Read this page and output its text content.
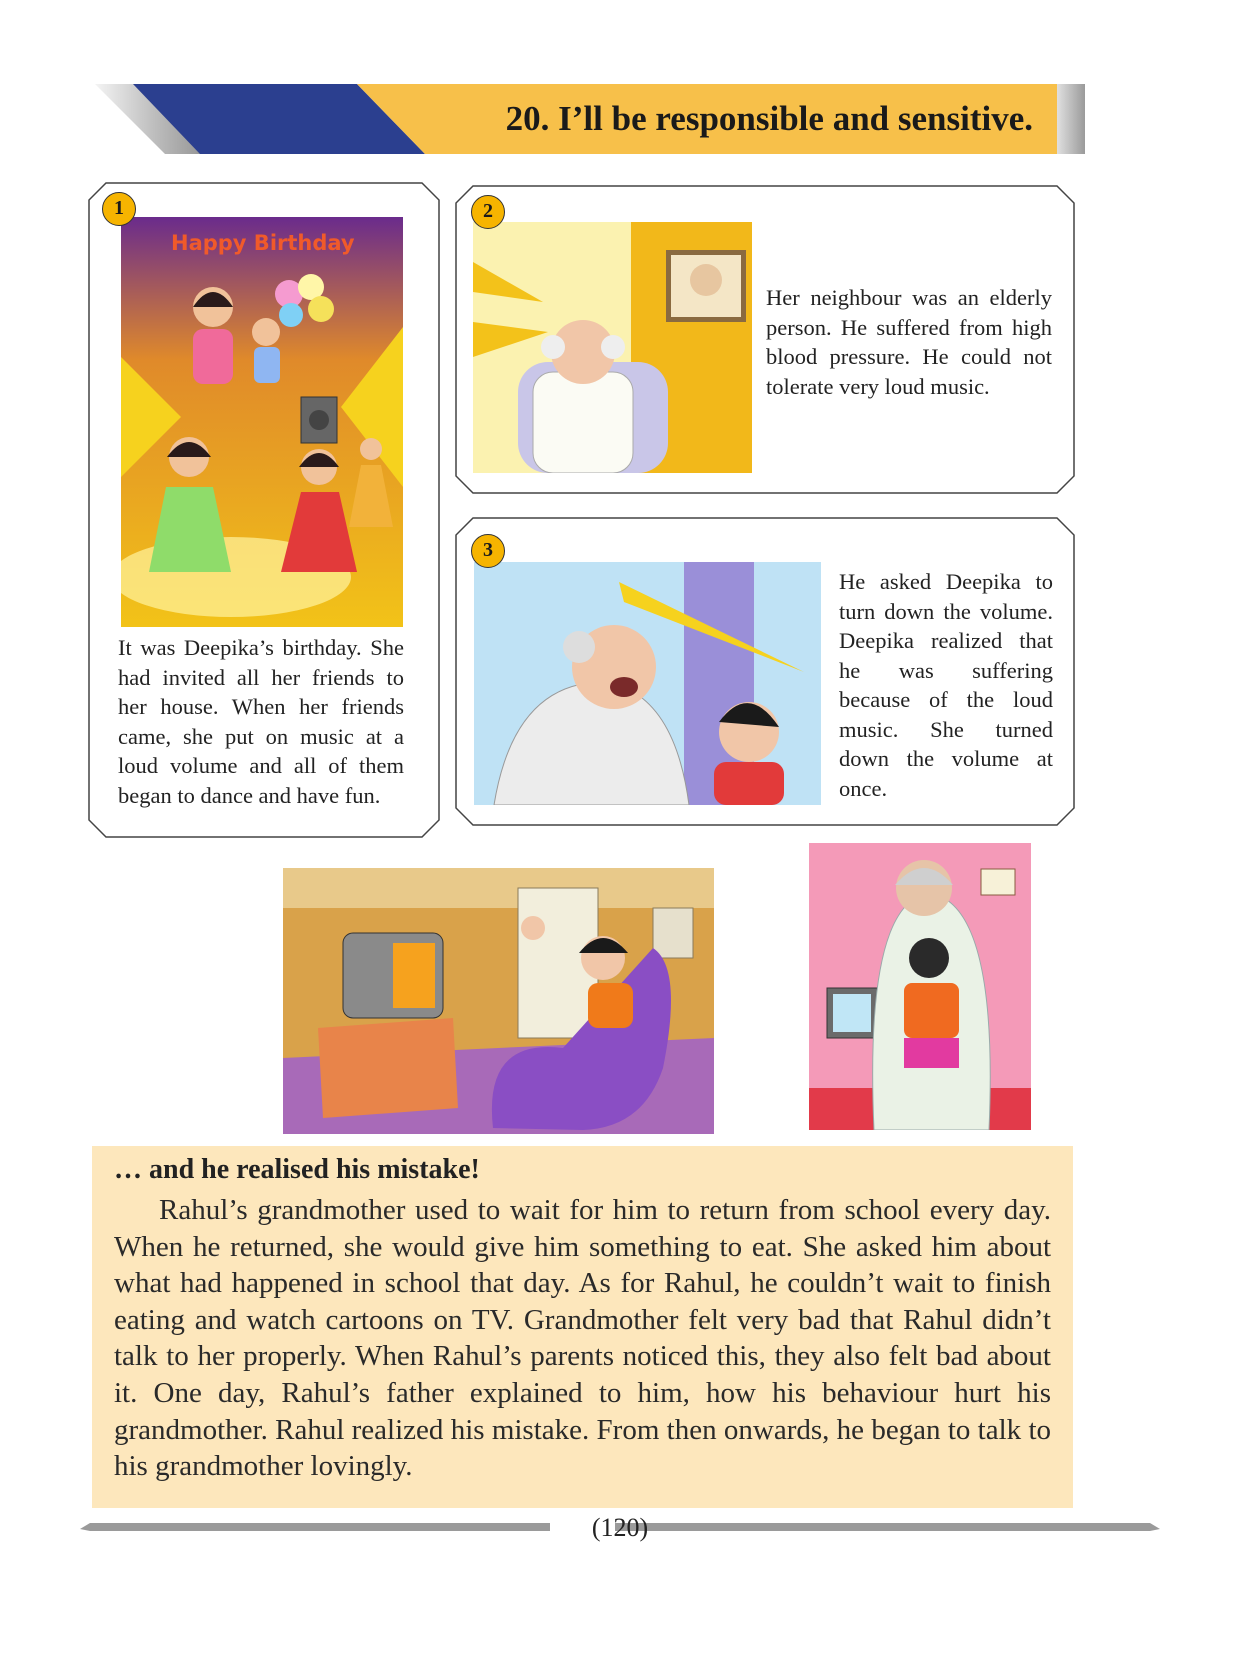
20. I’ll be responsible and sensitive.
Happy Birthday
1
It was Deepika’s birthday. She had invited all her friends to her house. When her friends came, she put on music at a loud volume and all of them began to dance and have fun.
2
Her neighbour was an elderly person. He suffered from high blood pressure. He could not tolerate very loud music.
3
He asked Deepika to turn down the volume. Deepika realized that he was suffering because of the loud music. She turned down the volume at once.
… and he realised his mistake!
Rahul’s grandmother used to wait for him to return from school every day. When he returned, she would give him something to eat. She asked him about what had happened in school that day. As for Rahul, he couldn’t wait to finish eating and watch cartoons on TV. Grandmother felt very bad that Rahul didn’t talk to her properly. When Rahul’s parents noticed this, they also felt bad about it. One day, Rahul’s father explained to him, how his behaviour hurt his grandmother. Rahul realized his mistake. From then onwards, he began to talk to his grandmother lovingly.
(120)
